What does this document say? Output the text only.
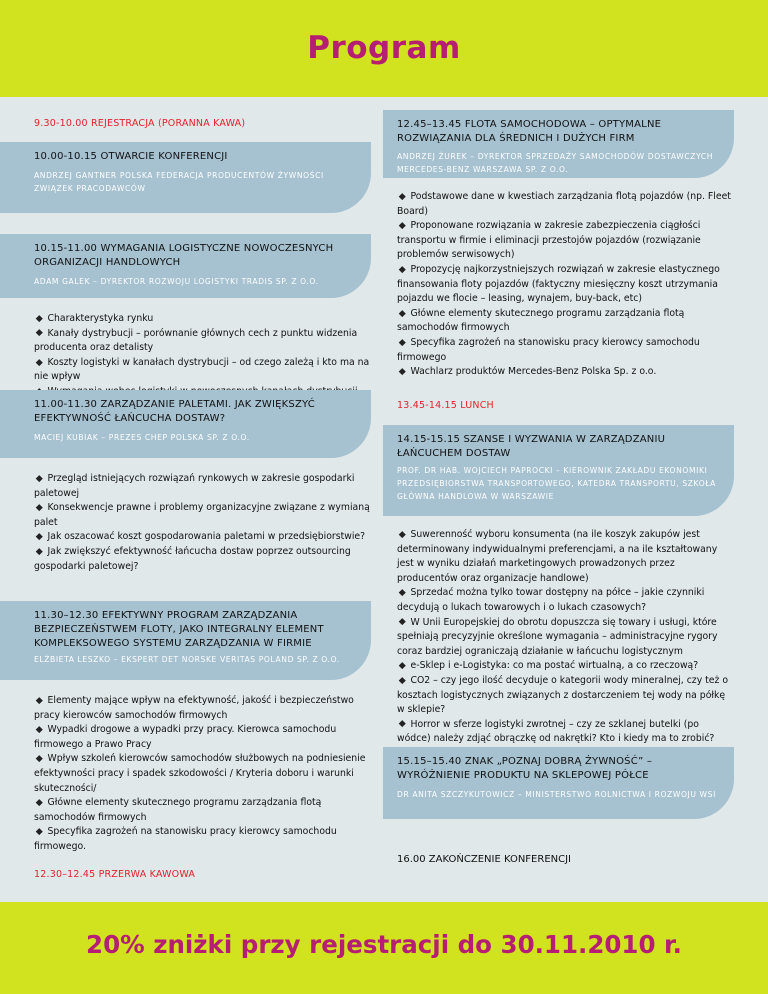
Program
9.30-10.00 REJESTRACJA (PORANNA KAWA)
10.00-10.15 OTWARCIE KONFERENCJI
ANDRZEJ GANTNER POLSKA FEDERACJA PRODUCENTÓW ŻYWNOŚCI ZWIĄZEK PRACODAWCÓW
10.15-11.00 WYMAGANIA LOGISTYCZNE NOWOCZESNYCH ORGANIZACJI HANDLOWYCH
ADAM GALEK – DYREKTOR ROZWOJU LOGISTYKI TRADIS SP. Z O.O.
Charakterystyka rynku
Kanały dystrybucji – porównanie głównych cech z punktu widzenia producenta oraz detalisty
Koszty logistyki w kanałach dystrybucji – od czego zależą i kto ma na nie wpływ
11.00-11.30 ZARZĄDZANIE PALETAMI. JAK ZWIĘKSZYĆ EFEKTYWNOŚĆ ŁAŃCUCHA DOSTAW?
MACIEJ KUBIAK – PREZES CHEP POLSKA SP. Z O.O.
Przegląd istniejących rozwiązań rynkowych w zakresie gospodarki paletowej
Konsekwencje prawne i problemy organizacyjne związane z wymianą palet
Jak oszacować koszt gospodarowania paletami w przedsiębiorstwie?
Jak zwiększyć efektywność łańcucha dostaw poprzez outsourcing gospodarki paletowej?
11.30–12.30 EFEKTYWNY PROGRAM ZARZĄDZANIA BEZPIECZEŃSTWEM FLOTY, JAKO INTEGRALNY ELEMENT KOMPLEKSOWEGO SYSTEMU ZARZĄDZANIA W FIRMIE
ELŻBIETA LESZKO – EKSPERT DET NORSKE VERITAS POLAND SP. Z O.O.
Elementy mające wpływ na efektywność, jakość i bezpieczeństwo pracy kierowców samochodów firmowych
Wypadki drogowe a wypadki przy pracy. Kierowca samochodu firmowego a Prawo Pracy
Wpływ szkoleń kierowców samochodów służbowych na podniesienie efektywności pracy i spadek szkodowości / Kryteria doboru i warunki skuteczności/
Główne elementy skutecznego programu zarządzania flotą samochodów firmowych
Specyfika zagrożeń na stanowisku pracy kierowcy samochodu firmowego.
12.30–12.45 PRZERWA KAWOWA
12.45–13.45 FLOTA SAMOCHODOWA – OPTYMALNE ROZWIĄZANIA DLA ŚREDNICH I DUŻYCH FIRM
ANDRZEJ ŻUREK – DYREKTOR SPRZEDAŻY SAMOCHODÓW DOSTAWCZYCH MERCEDES-BENZ WARSZAWA SP. Z O.O.
Podstawowe dane w kwestiach zarządzania flotą pojazdów (np. Fleet Board)
Proponowane rozwiązania w zakresie zabezpieczenia ciągłości transportu w firmie i eliminacji przestojów pojazdów (rozwiązanie problemów serwisowych)
Propozycję najkorzystniejszych rozwiązań w zakresie elastycznego finansowania floty pojazdów (faktyczny miesięczny koszt utrzymania pojazdu we flocie – leasing, wynajem, buy-back, etc)
Główne elementy skutecznego programu zarządzania flotą samochodów firmowych
Specyfika zagrożeń na stanowisku pracy kierowcy samochodu firmowego
Wachlarz produktów Mercedes-Benz Polska Sp. z o.o.
13.45-14.15 LUNCH
14.15-15.15 SZANSE I WYZWANIA W ZARZĄDZANIU ŁAŃCUCHEM DOSTAW
PROF. DR HAB. WOJCIECH PAPROCKI – KIEROWNIK ZAKŁADU EKONOMIKI PRZEDSIĘBIORSTWA TRANSPORTOWEGO, KATEDRA TRANSPORTU, SZKOŁA GŁÓWNA HANDLOWA W WARSZAWIE
Suwerenność wyboru konsumenta (na ile koszyk zakupów jest determinowany indywidualnymi preferencjami, a na ile kształtowany jest w wyniku działań marketingowych prowadzonych przez producentów oraz organizacje handlowe)
Sprzedać można tylko towar dostępny na półce – jakie czynniki decydują o lukach towarowych i o lukach czasowych?
W Unii Europejskiej do obrotu dopuszcza się towary i usługi, które spełniają precyzyjnie określone wymagania – administracyjne rygory coraz bardziej ograniczają działanie w łańcuchu logistycznym
e-Sklep i e-Logistyka: co ma postać wirtualną, a co rzeczową?
CO2 – czy jego ilość decyduje o kategorii wody mineralnej, czy też o kosztach logistycznych związanych z dostarczeniem tej wody na półkę w sklepie?
Horror w sferze logistyki zwrotnej – czy ze szklanej butelki (po wódce) należy zdjąć obrączkę od nakrętki? Kto i kiedy ma to zrobić?
15.15–15.40 ZNAK „POZNAJ DOBRĄ ŻYWNOŚĆ” – WYRÓŻNIENIE PRODUKTU NA SKLEPOWEJ PÓŁCE
DR ANITA SZCZYKUTOWICZ – MINISTERSTWO ROLNICTWA I ROZWOJU WSI
16.00 ZAKOŃCZENIE KONFERENCJI
20% zniżki przy rejestracji do 30.11.2010 r.
